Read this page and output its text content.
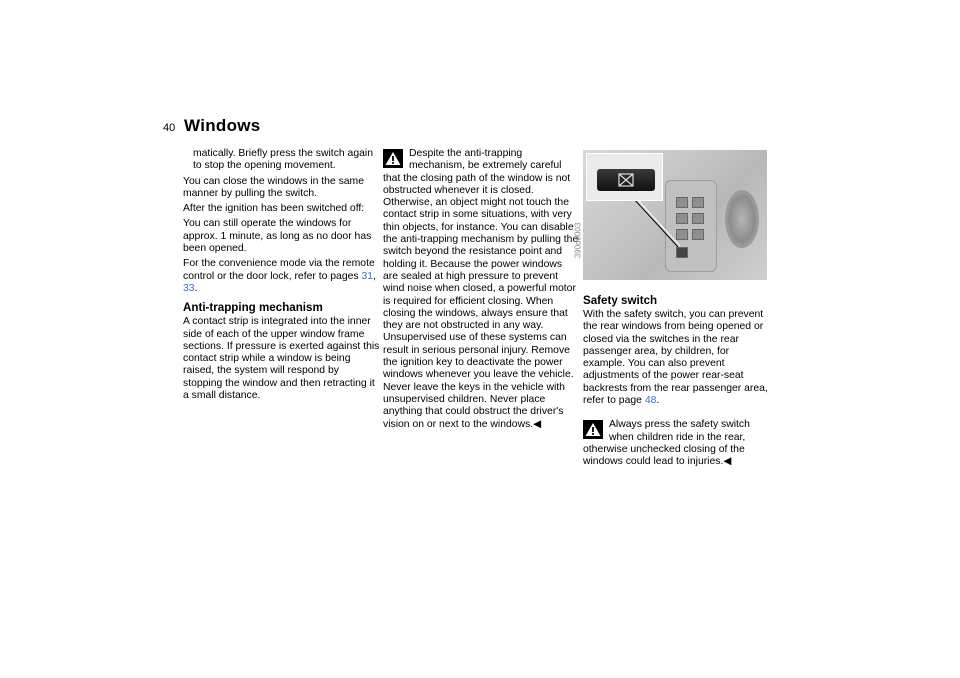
40 Windows

matically. Briefly press the switch again to stop the opening movement.

You can close the windows in the same manner by pulling the switch.

After the ignition has been switched off:

You can still operate the windows for approx. 1 minute, as long as no door has been opened.

For the convenience mode via the remote control or the door lock, refer to pages 31, 33.

Anti-trapping mechanism

A contact strip is integrated into the inner side of each of the upper window frame sections. If pressure is exerted against this contact strip while a window is being raised, the system will respond by stopping the window and then retracting it a small distance.

Despite the anti-trapping mechanism, be extremely careful that the closing path of the window is not obstructed whenever it is closed. Otherwise, an object might not touch the contact strip in some situations, with very thin objects, for instance. You can disable the anti-trapping mechanism by pulling the switch beyond the resistance point and holding it. Because the power windows are sealed at high pressure to prevent wind noise when closed, a powerful motor is required for efficient closing. When closing the windows, always ensure that they are not obstructed in any way. Unsupervised use of these systems can result in serious personal injury. Remove the ignition key to deactivate the power windows whenever you leave the vehicle. Never leave the keys in the vehicle with unsupervised children. Never place anything that could obstruct the driver's vision on or next to the windows.◀

390de003
Safety switch

With the safety switch, you can prevent the rear windows from being opened or closed via the switches in the rear passenger area, by children, for example. You can also prevent adjustments of the power rear-seat backrests from the rear passenger area, refer to page 48.

Always press the safety switch when children ride in the rear, otherwise unchecked closing of the windows could lead to injuries.◀
